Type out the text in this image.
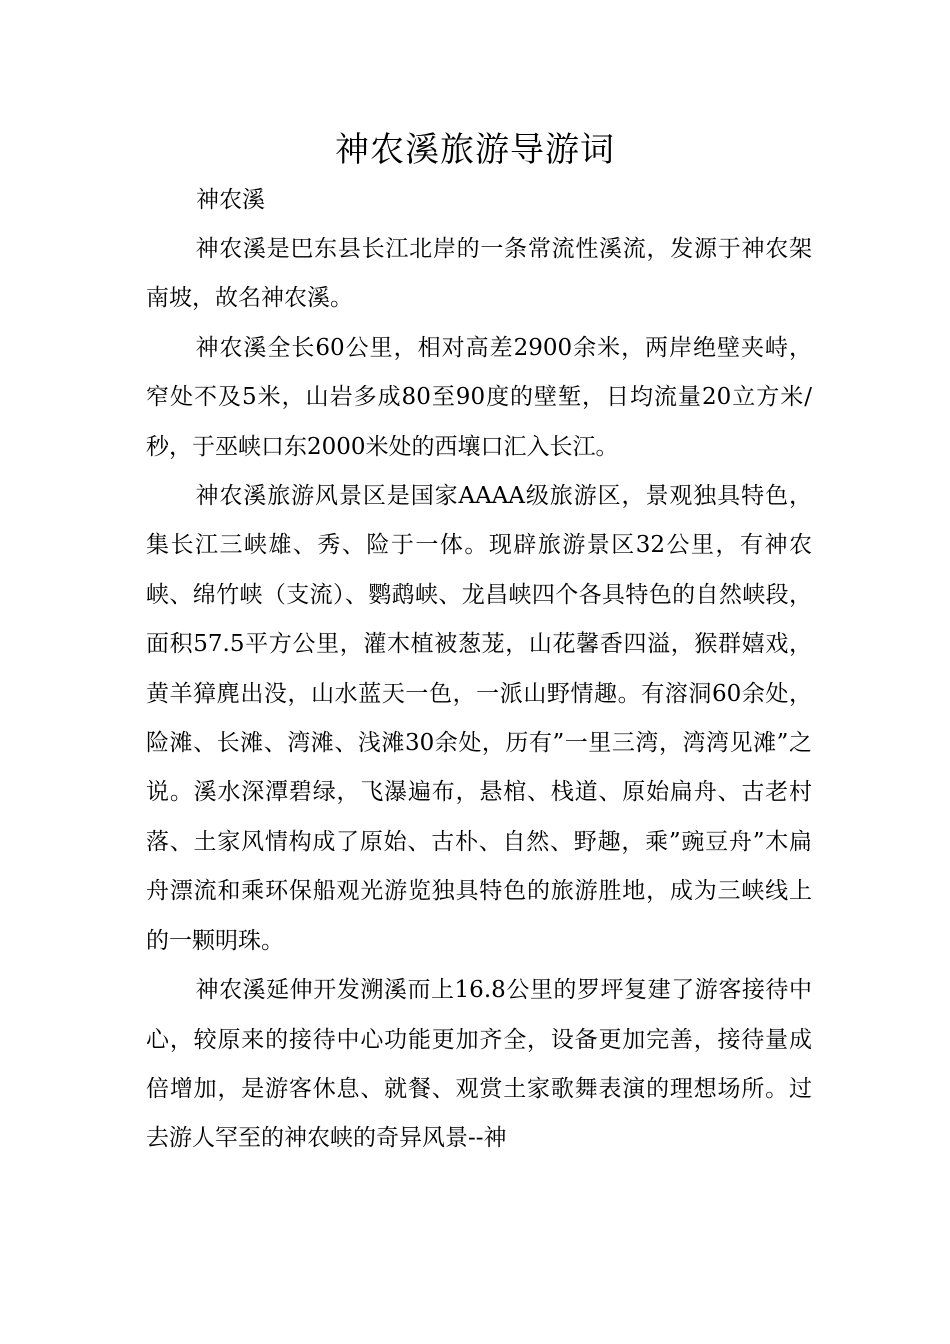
神农溪旅游导游词
神农溪

神农溪是巴东县长江北岸的一条常流性溪流，发源于神农架南坡，故名神农溪。

神农溪全长60公里，相对高差2900余米，两岸绝壁夹峙，窄处不及5米，山岩多成80至90度的壁堑，日均流量20立方米/秒，于巫峡口东2000米处的西壤口汇入长江。

神农溪旅游风景区是国家AAAA级旅游区，景观独具特色，集长江三峡雄、秀、险于一体。现辟旅游景区32公里，有神农峡、绵竹峡（支流）、鹦鹉峡、龙昌峡四个各具特色的自然峡段，面积57.5平方公里，灌木植被葱茏，山花馨香四溢，猴群嬉戏，黄羊獐麂出没，山水蓝天一色，一派山野情趣。有溶洞60余处，险滩、长滩、湾滩、浅滩30余处，历有”一里三湾，湾湾见滩”之说。溪水深潭碧绿，飞瀑遍布，悬棺、栈道、原始扁舟、古老村落、土家风情构成了原始、古朴、自然、野趣，乘”豌豆舟”木扁舟漂流和乘环保船观光游览独具特色的旅游胜地，成为三峡线上的一颗明珠。

神农溪延伸开发溯溪而上16.8公里的罗坪复建了游客接待中心，较原来的接待中心功能更加齐全，设备更加完善，接待量成倍增加，是游客休息、就餐、观赏土家歌舞表演的理想场所。过去游人罕至的神农峡的奇异风景--神
